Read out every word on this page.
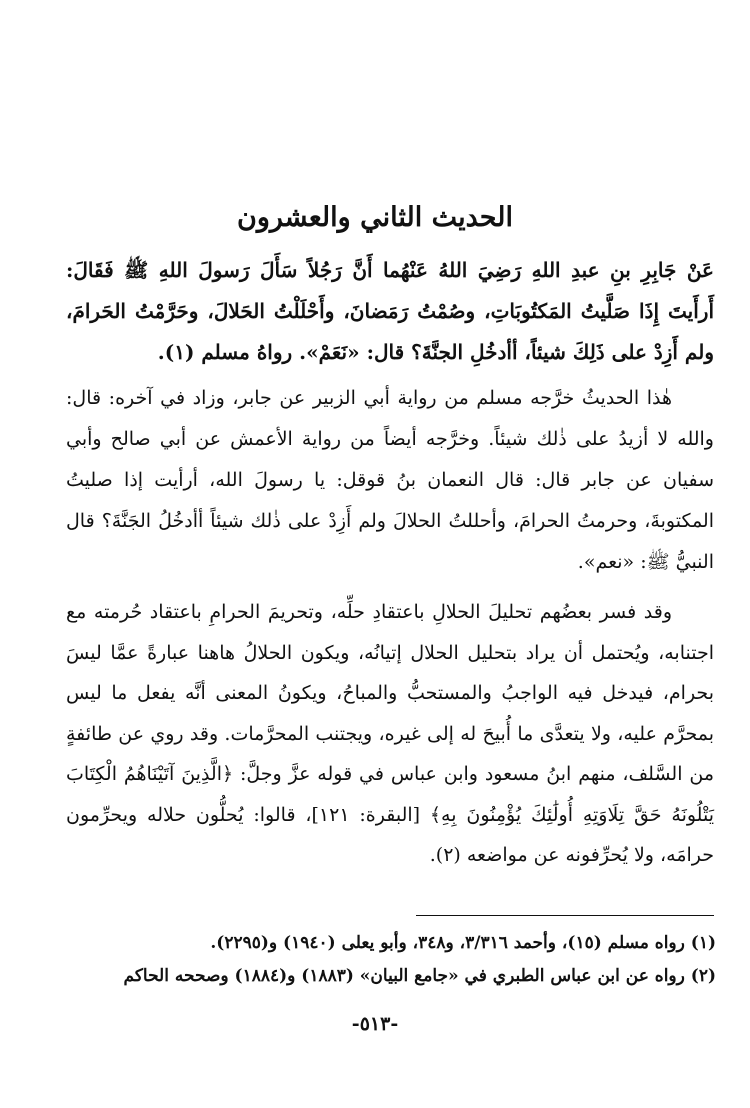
الحديث الثاني والعشرون

عَنْ جَابِرِ بنِ عبدِ اللهِ رَضِيَ اللهُ عَنْهُما أَنَّ رَجُلاً سَأَلَ رَسولَ اللهِ ﷺ فَقَالَ: أَرأَيتَ إِذَا صَلَّيتُ المَكتُوبَاتِ، وصُمْتُ رَمَضانَ، وأَحْلَلْتُ الحَلالَ، وحَرَّمْتُ الحَرامَ، ولم أَزِدْ على ذَلِكَ شيئاً، أأدخُلِ الجنَّةَ؟ قال: «نَعَمْ». رواهُ مسلم (١).

هٰذا الحديثُ خرَّجه مسلم من رواية أبي الزبير عن جابر، وزاد في آخره: قال: والله لا أزيدُ على ذٰلك شيئاً. وخرَّجه أيضاً من رواية الأعمش عن أبي صالح وأبي سفيان عن جابر قال: قال النعمان بنُ قوقل: يا رسولَ الله، أرأيت إذا صليتُ المكتوبةَ، وحرمتُ الحرامَ، وأحللتُ الحلالَ ولم أَزِدْ على ذٰلك شيئاً أأدخُلُ الجَنَّةَ؟ قال النبيُّ ﷺ: «نعم».

وقد فسر بعضُهم تحليلَ الحلالِ باعتقادِ حلِّه، وتحريمَ الحرامِ باعتقاد حُرمته مع اجتنابه، ويُحتمل أن يراد بتحليل الحلال إتيانُه، ويكون الحلالُ هاهنا عبارةً عمَّا ليسَ بحرام، فيدخل فيه الواجبُ والمستحبُّ والمباحُ، ويكونُ المعنى أنَّه يفعل ما ليس بمحرَّم عليه، ولا يتعدَّى ما أُبيحَ له إلى غيره، ويجتنب المحرَّمات. وقد روي عن طائفةٍ من السَّلف، منهم ابنُ مسعود وابن عباس في قوله عزَّ وجلَّ: ﴿الَّذِينَ آتَيْنَاهُمُ الْكِتَابَ يَتْلُونَهُ حَقَّ تِلَاوَتِهِ أُولَٰئِكَ يُؤْمِنُونَ بِهِ﴾ [البقرة: ١٢١]، قالوا: يُحلُّون حلاله ويحرِّمون حرامَه، ولا يُحرِّفونه عن مواضعه (٢).

(١) رواه مسلم (١٥)، وأحمد ٣/٣١٦، و٣٤٨، وأبو يعلى (١٩٤٠) و(٢٢٩٥).

(٢) رواه عن ابن عباس الطبري في «جامع البيان» (١٨٨٣) و(١٨٨٤) وصححه الحاكم

-٥١٣-
